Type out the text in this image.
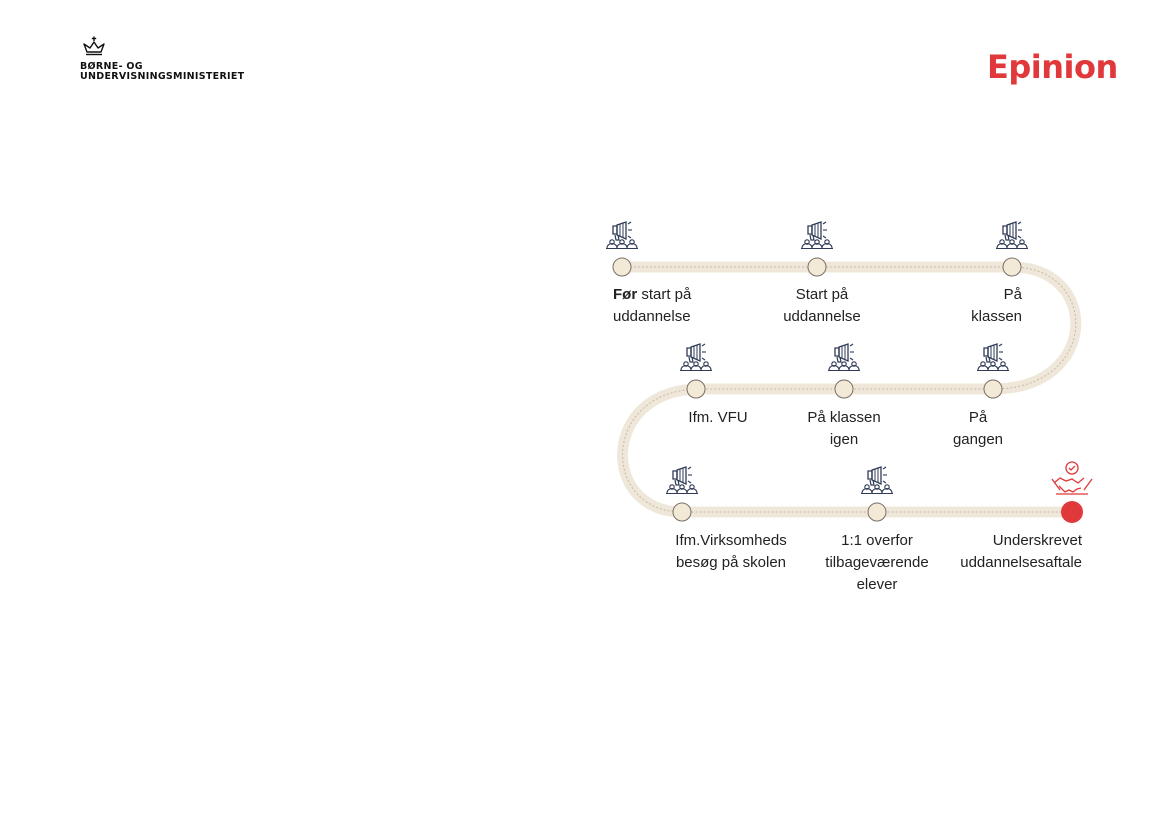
BØRNE- OG
UNDERVISNINGSMINISTERIET	Epinion
Før start på
uddannelse
Start på
uddannelse
På
klassen
På
gangen
På klassen
igen
Ifm. VFU
Ifm.Virksomheds
besøg på skolen
1:1 overfor
tilbageværende
elever
Underskrevet
uddannelsesaftale
